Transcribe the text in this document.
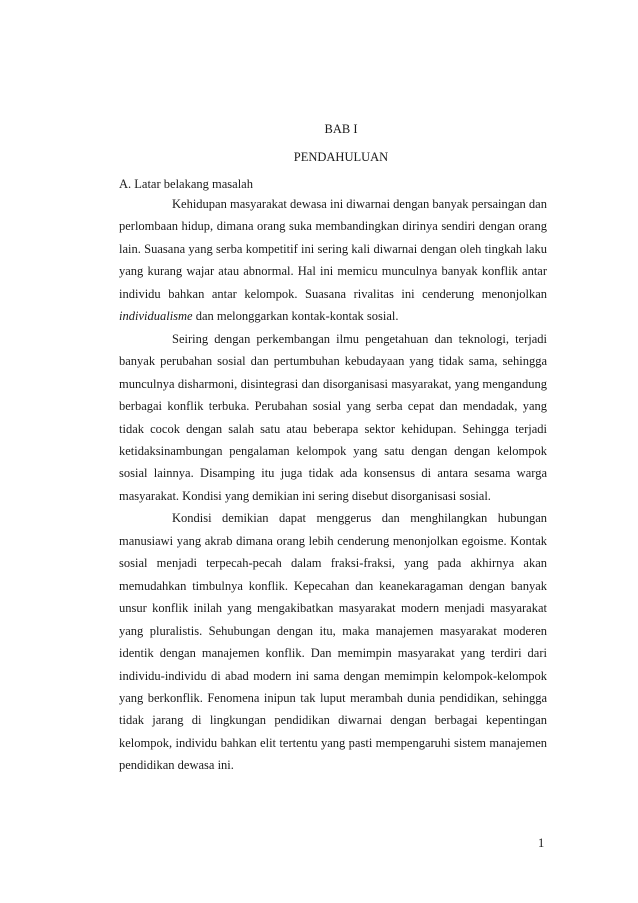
BAB I
PENDAHULUAN

A. Latar belakang masalah

Kehidupan masyarakat dewasa ini diwarnai dengan banyak persaingan dan perlombaan hidup, dimana orang suka membandingkan dirinya sendiri dengan orang lain. Suasana yang serba kompetitif ini sering kali diwarnai dengan oleh tingkah laku yang kurang wajar atau abnormal. Hal ini memicu munculnya banyak konflik antar individu bahkan antar kelompok. Suasana rivalitas ini cenderung menonjolkan individualisme dan melonggarkan kontak-kontak sosial.

Seiring dengan perkembangan ilmu pengetahuan dan teknologi, terjadi banyak perubahan sosial dan pertumbuhan kebudayaan yang tidak sama, sehingga munculnya disharmoni, disintegrasi dan disorganisasi masyarakat, yang mengandung berbagai konflik terbuka. Perubahan sosial yang serba cepat dan mendadak, yang tidak cocok dengan salah satu atau beberapa sektor kehidupan. Sehingga terjadi ketidaksinambungan pengalaman kelompok yang satu dengan dengan kelompok sosial lainnya. Disamping itu juga tidak ada konsensus di antara sesama warga masyarakat. Kondisi yang demikian ini sering disebut disorganisasi sosial.

Kondisi demikian dapat menggerus dan menghilangkan hubungan manusiawi yang akrab dimana orang lebih cenderung menonjolkan egoisme. Kontak sosial menjadi terpecah-pecah dalam fraksi-fraksi, yang pada akhirnya akan memudahkan timbulnya konflik. Kepecahan dan keanekaragaman dengan banyak unsur konflik inilah yang mengakibatkan masyarakat modern menjadi masyarakat yang pluralistis. Sehubungan dengan itu, maka manajemen masyarakat moderen identik dengan manajemen konflik. Dan memimpin masyarakat yang terdiri dari individu-individu di abad modern ini sama dengan memimpin kelompok-kelompok yang berkonflik. Fenomena inipun tak luput merambah dunia pendidikan, sehingga tidak jarang di lingkungan pendidikan diwarnai dengan berbagai kepentingan kelompok, individu bahkan elit tertentu yang pasti mempengaruhi sistem manajemen pendidikan dewasa ini.

1
